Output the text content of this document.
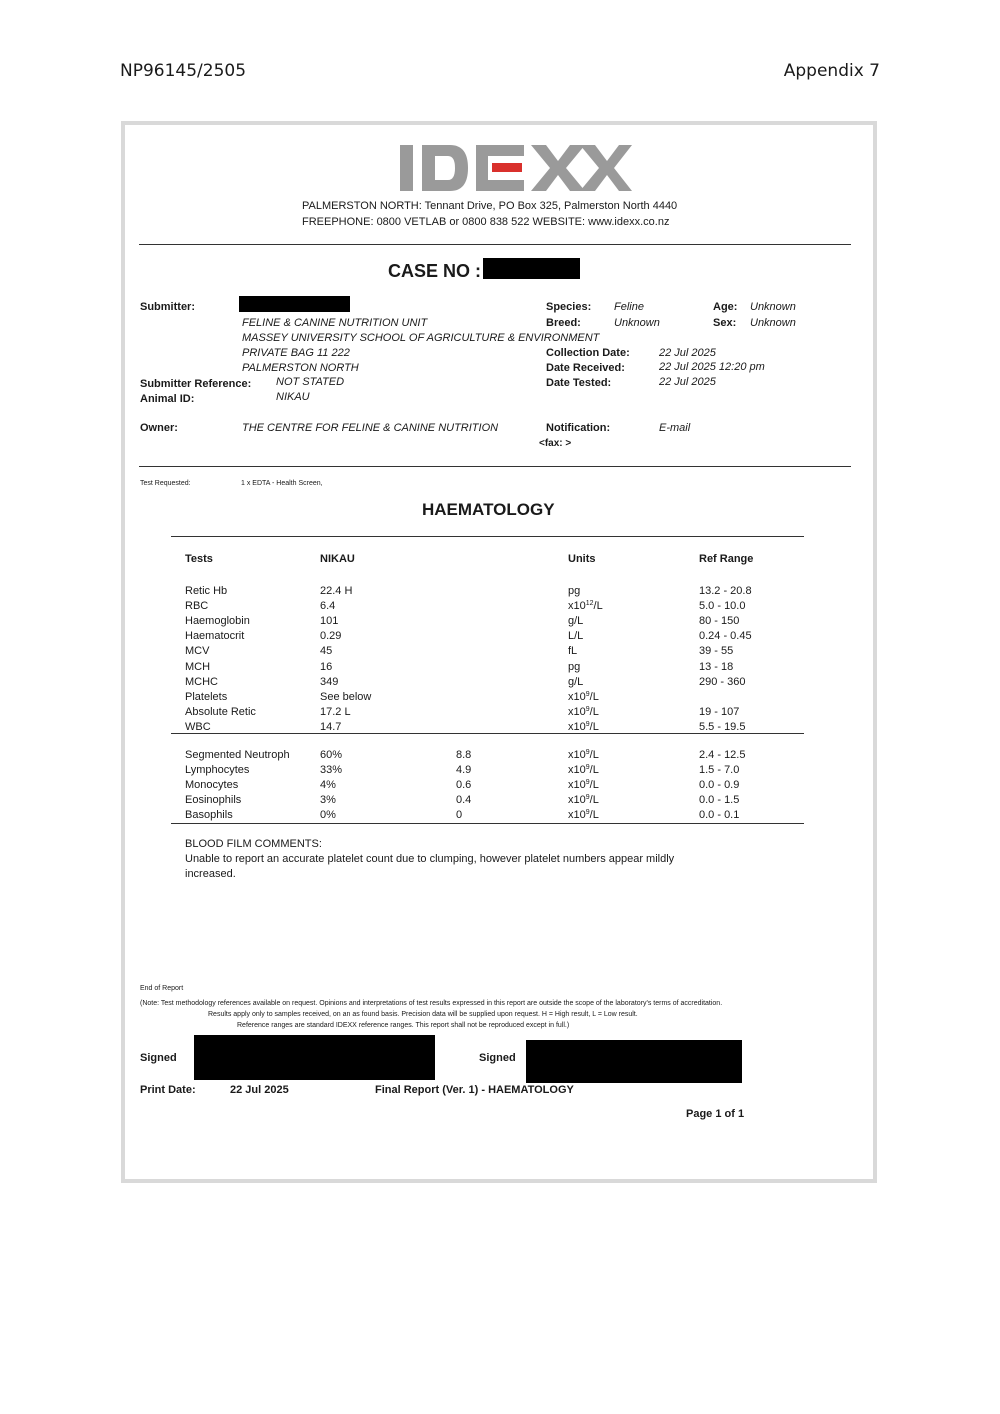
NP96145/2505	Appendix 7
PALMERSTON NORTH: Tennant Drive, PO Box 325, Palmerston North 4440
FREEPHONE: 0800 VETLAB or 0800 838 522 WEBSITE: www.idexx.co.nz
CASE NO :
Submitter:
FELINE & CANINE NUTRITION UNIT
MASSEY UNIVERSITY SCHOOL OF AGRICULTURE & ENVIRONMENT
PRIVATE BAG 11 222
PALMERSTON NORTH
Submitter Reference: NOT STATED
Animal ID:	NIKAU
Owner:	THE CENTRE FOR FELINE & CANINE NUTRITION
Species: Feline
Breed:	Unknown
Age: Unknown
Sex: Unknown
Collection Date:	22 Jul 2025
Date Received:	22 Jul 2025 12:20 pm
Date Tested:	22 Jul 2025
Notification:	E-mail
<fax: >
Test Requested:	1 x EDTA - Health Screen,
HAEMATOLOGY
Tests	NIKAU	Units	Ref Range
Retic Hb	22.4 H	pg	13.2 - 20.8
RBC	6.4	$x10^{12}/L$	5.0 - 10.0
Haemoglobin	101	g/L	80 - 150
Haematocrit	0.29	L/L	0.24 - 0.45
MCV	45	fL	39 - 55
MCH	16	pg	13 - 18
MCHC	349	g/L	290 - 360
Platelets	See below	$x10^9/L$
Absolute Retic	17.2 L	$x10^9/L$	19 - 107
WBC	14.7	$x10^9/L$	5.5 - 19.5
Segmented Neutroph	60%	8.8	$x10^9/L$	2.4 - 12.5
Lymphocytes	33%	4.9	$x10^9/L$	1.5 - 7.0
Monocytes	4%	0.6	$x10^9/L$	0.0 - 0.9
Eosinophils	3%	0.4	$x10^9/L$	0.0 - 1.5
Basophils	0%	0	$x10^9/L$	0.0 - 0.1
BLOOD FILM COMMENTS:
Unable to report an accurate platelet count due to clumping, however platelet numbers appear mildly
increased.
End of Report
(Note: Test methodology references available on request. Opinions and interpretations of test results expressed in this report are outside the scope of the laboratory's terms of accreditation.
Results apply only to samples received, on an as found basis. Precision data will be supplied upon request. H = High result, L = Low result.
Reference ranges are standard IDEXX reference ranges. This report shall not be reproduced except in full.)
Signed	Signed
Print Date:	22 Jul 2025	Final Report (Ver. 1) - HAEMATOLOGY
Page 1 of 1
